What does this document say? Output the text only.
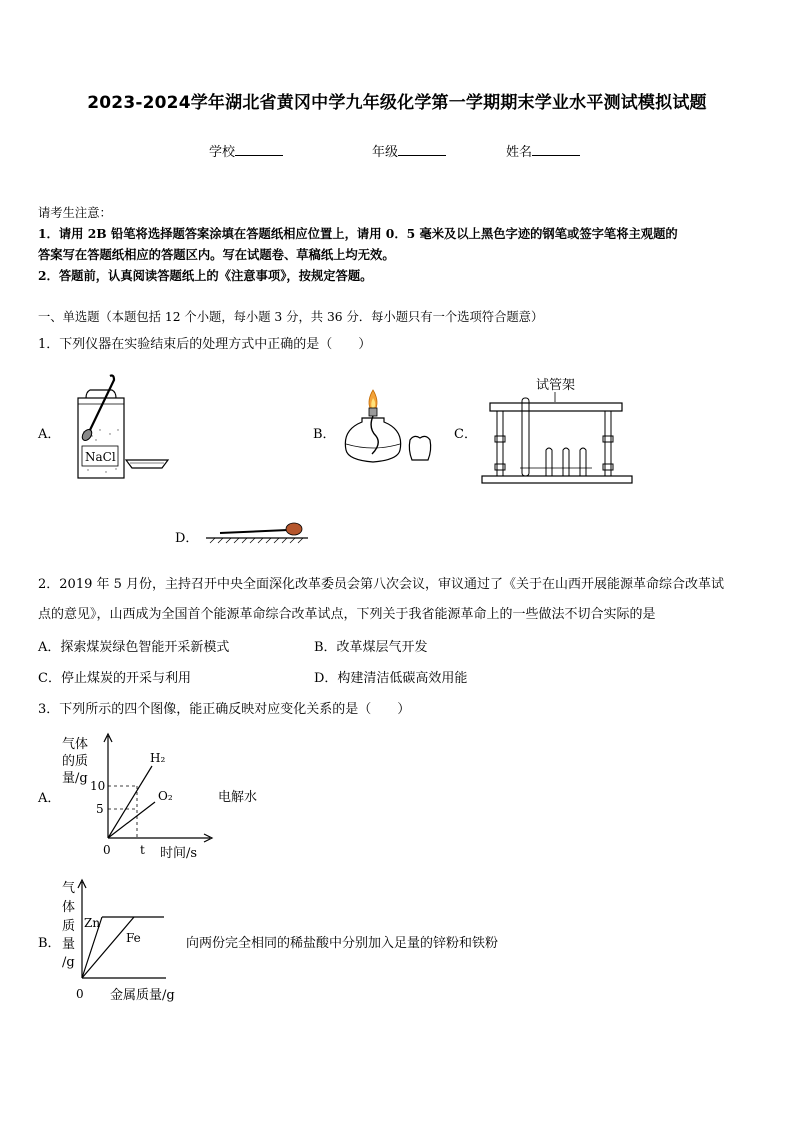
2023-2024学年湖北省黄冈中学九年级化学第一学期期末学业水平测试模拟试题
学校	年级	姓名
请考生注意：
1．请用 2B 铅笔将选择题答案涂填在答题纸相应位置上，请用 0．5 毫米及以上黑色字迹的钢笔或签字笔将主观题的
答案写在答题纸相应的答题区内。写在试题卷、草稿纸上均无效。
2．答题前，认真阅读答题纸上的《注意事项》，按规定答题。
一、单选题（本题包括 12 个小题，每小题 3 分，共 36 分．每小题只有一个选项符合题意）
1．下列仪器在实验结束后的处理方式中正确的是（　　）
A．
NaCl
B．	C．
试管架
D．
2．2019 年 5 月份，主持召开中央全面深化改革委员会第八次会议，审议通过了《关于在山西开展能源革命综合改革试
点的意见》，山西成为全国首个能源革命综合改革试点，下列关于我省能源革命上的一些做法不切合实际的是
A．探索煤炭绿色智能开采新模式	B．改革煤层气开发
C．停止煤炭的开采与利用	D．构建清洁低碳高效用能
3．下列所示的四个图像，能正确反映对应变化关系的是（　　）
A．
气体
的质
量/g
H₂
O₂
10
5
0 t 时间/s
电解水
B．
气
体
质
量
/g
Zn
Fe
0 金属质量/g
向两份完全相同的稀盐酸中分别加入足量的锌粉和铁粉
